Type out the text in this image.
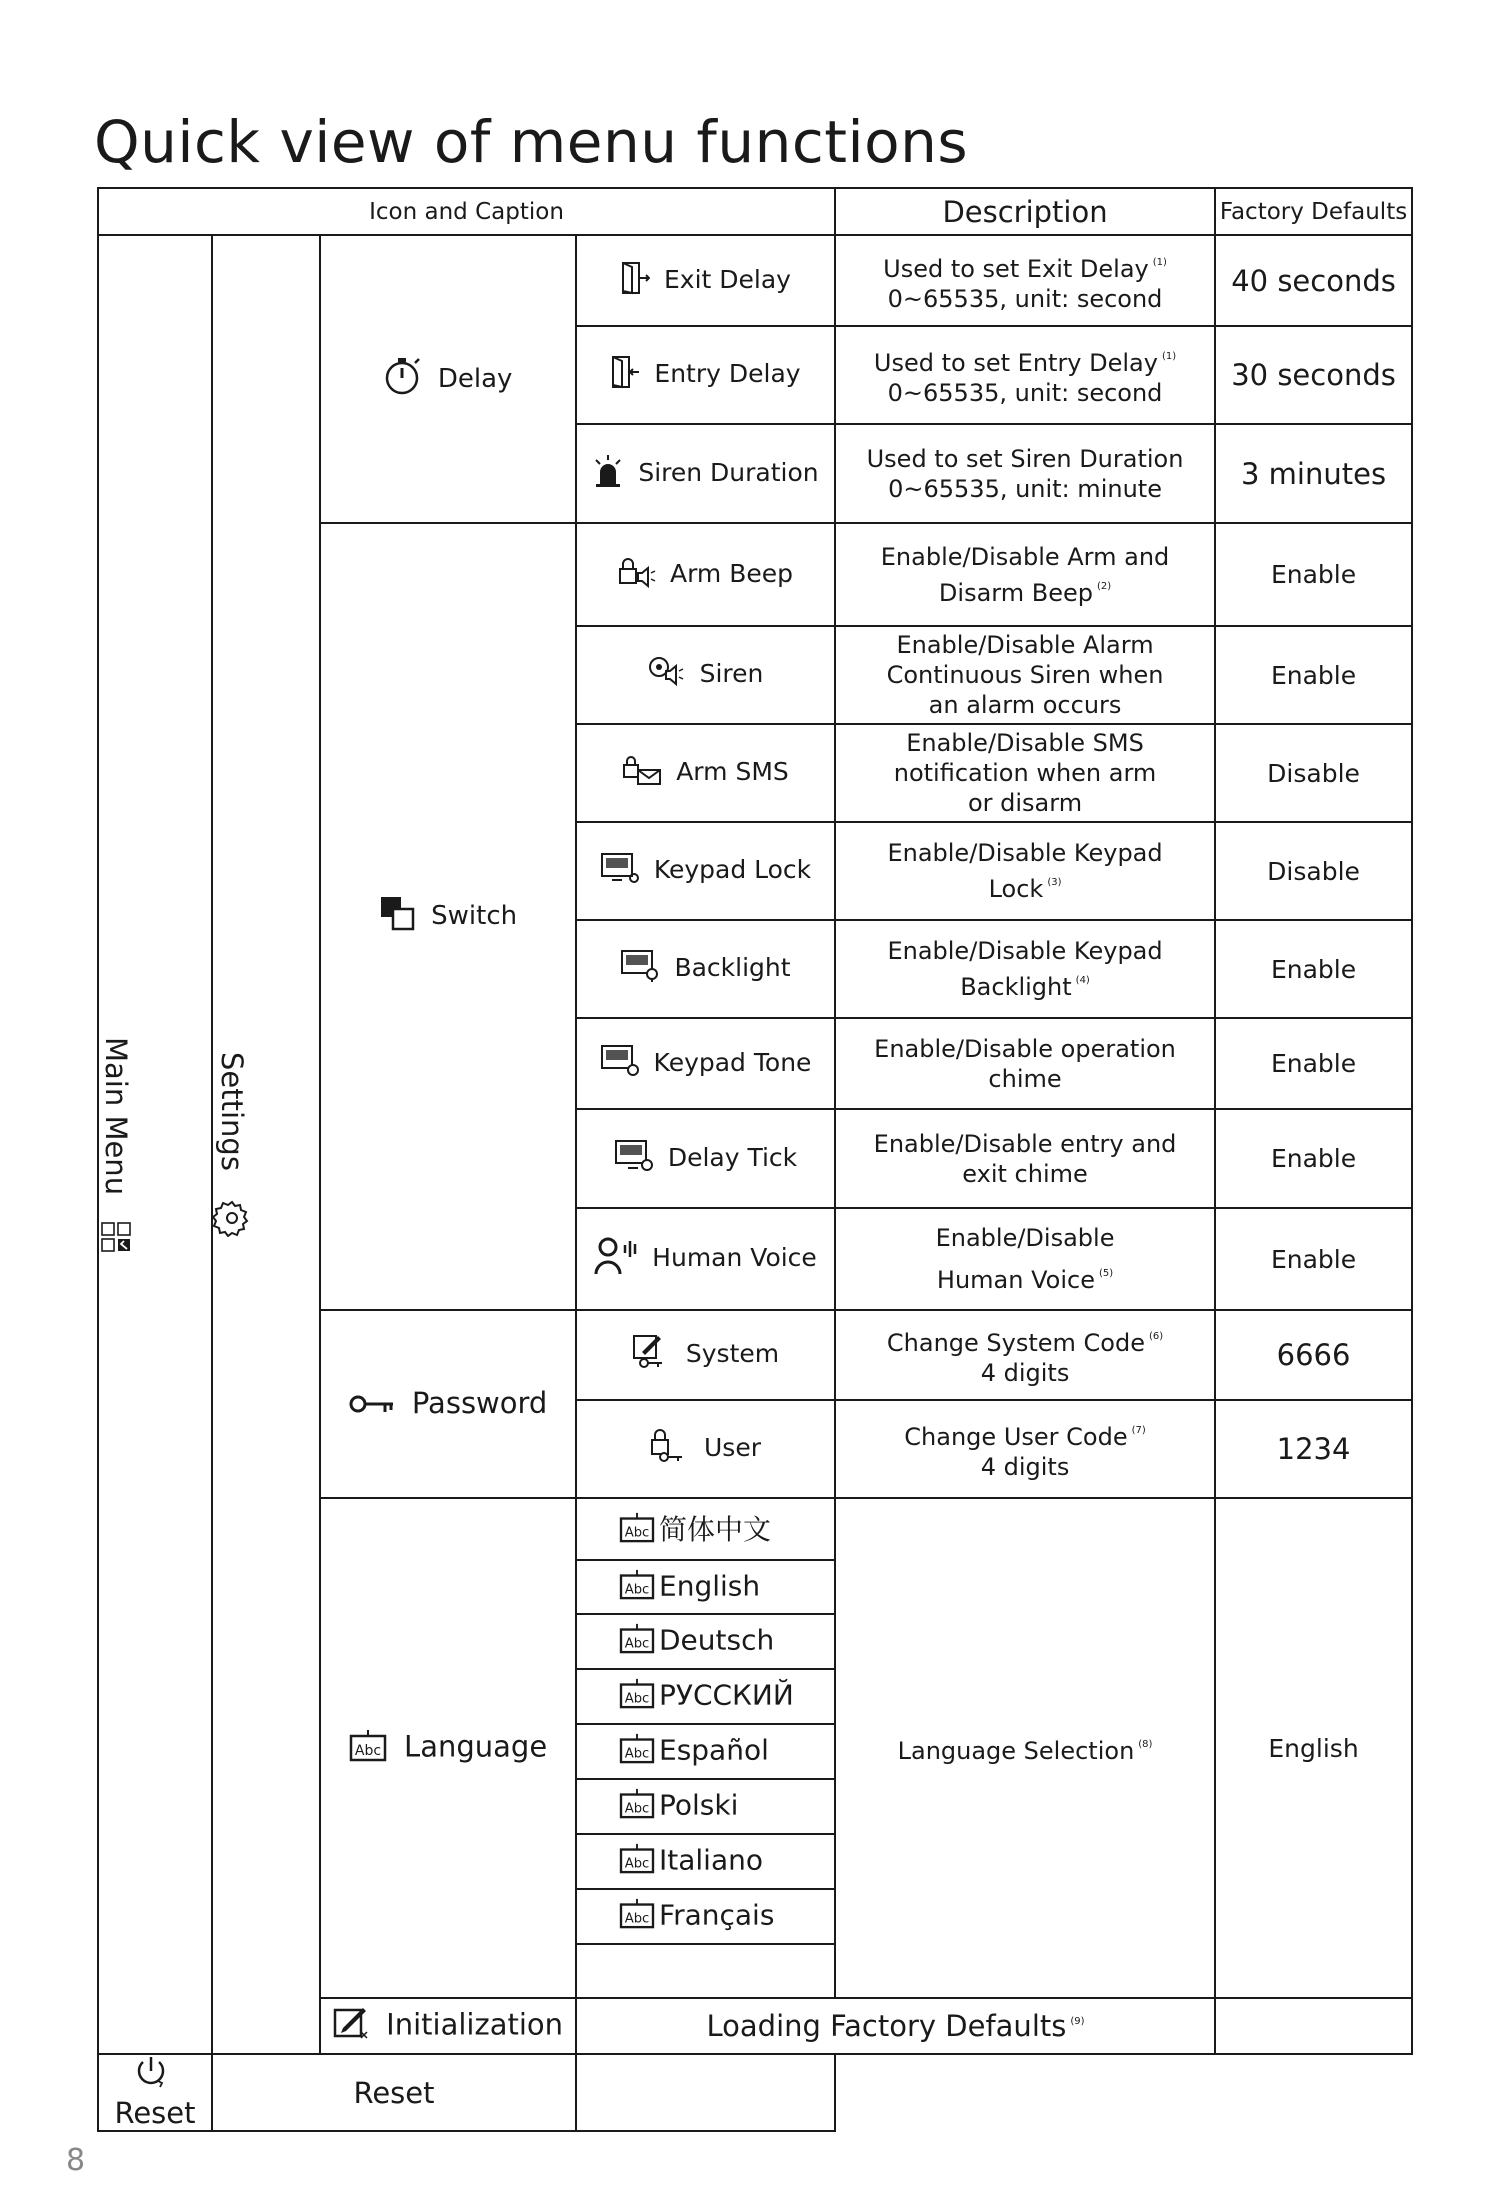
Quick view of menu functions
Icon and Caption				Description	Factory Defaults

Main Menu	Settings	Delay	Exit Delay	Used to set Exit Delay $^{(1)}$
0~65535, unit: second	40 seconds
			Entry Delay	Used to set Entry Delay $^{(1)}$
0~65535, unit: second	30 seconds
			Siren Duration	Used to set Siren Duration
0~65535, unit: minute	3 minutes
		Switch	Arm Beep	Enable/Disable Arm and
Disarm Beep $^{(2)}$	Enable
			Siren	Enable/Disable Alarm
Continuous Siren when
an alarm occurs	Enable
			Arm SMS	Enable/Disable SMS
notification when arm
or disarm	Disable
			Keypad Lock	Enable/Disable Keypad
Lock $^{(3)}$	Disable
			Backlight	Enable/Disable Keypad
Backlight $^{(4)}$	Enable
			Keypad Tone	Enable/Disable operation
chime	Enable
			Delay Tick	Enable/Disable entry and
exit chime	Enable
			Human Voice	Enable/Disable
Human Voice $^{(5)}$	Enable
		Password	System	Change System Code $^{(6)}$
4 digits	6666
			User	Change User Code $^{(7)}$
4 digits	1234

Abc Language	Abc 简体中文	Language Selection $^{(8)}$	English

Abc English		

Abc Deutsch		

Abc РУССКИЙ		

Abc Español		

Abc Polski		

Abc Italiano		

Abc Français		

		Initialization	Loading Factory Defaults $^{(9)}$	
Reset	Reset				
8
